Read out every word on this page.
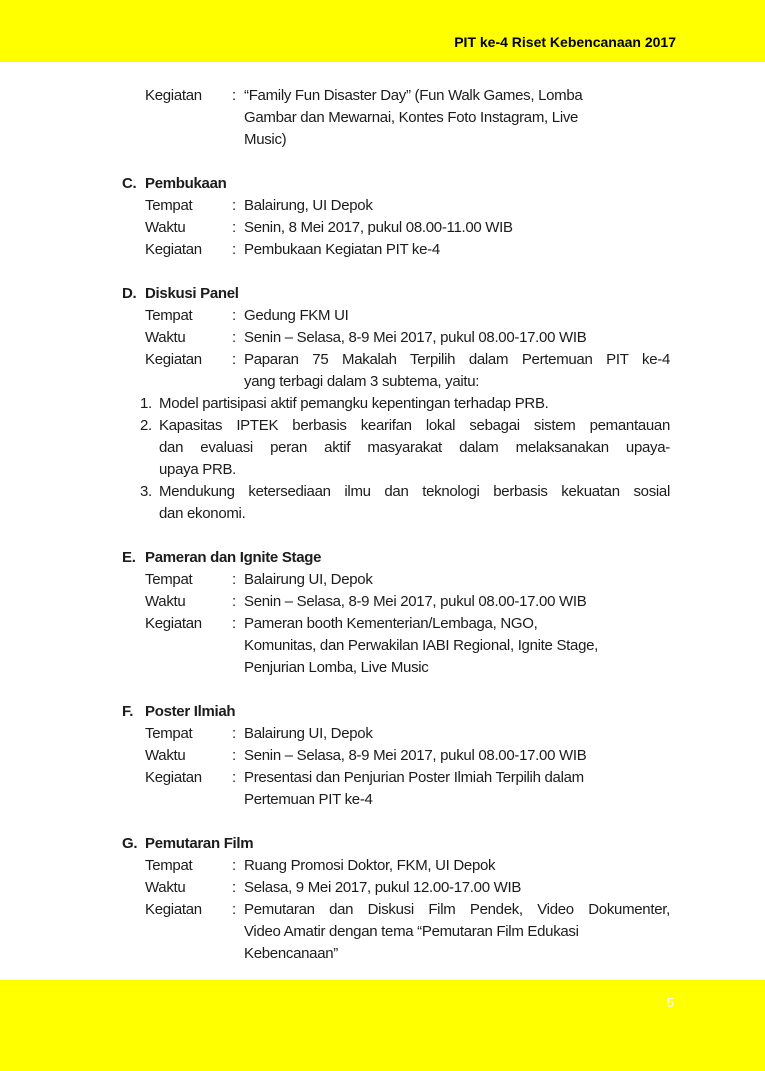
PIT ke-4 Riset Kebencanaan 2017
Kegiatan	: “Family Fun Disaster Day” (Fun Walk Games, Lomba
Gambar dan Mewarnai, Kontes Foto Instagram, Live
Music)
C. Pembukaan
Tempat	: Balairung, UI Depok
Waktu	: Senin, 8 Mei 2017, pukul 08.00-11.00 WIB
Kegiatan	: Pembukaan Kegiatan PIT ke-4
D. Diskusi Panel
Tempat	: Gedung FKM UI
Waktu	: Senin – Selasa, 8-9 Mei 2017, pukul 08.00-17.00 WIB
Kegiatan	: Paparan 75 Makalah Terpilih dalam Pertemuan PIT ke-4
yang terbagi dalam 3 subtema, yaitu:
1. Model partisipasi aktif pemangku kepentingan terhadap PRB.
2. Kapasitas IPTEK berbasis kearifan lokal sebagai sistem pemantauan
dan evaluasi peran aktif masyarakat dalam melaksanakan upaya-
upaya PRB.
3. Mendukung ketersediaan ilmu dan teknologi berbasis kekuatan sosial
dan ekonomi.
E. Pameran dan Ignite Stage
Tempat	: Balairung UI, Depok
Waktu	: Senin – Selasa, 8-9 Mei 2017, pukul 08.00-17.00 WIB
Kegiatan	: Pameran booth Kementerian/Lembaga, NGO,
Komunitas, dan Perwakilan IABI Regional, Ignite Stage,
Penjurian Lomba, Live Music
F. Poster Ilmiah
Tempat	: Balairung UI, Depok
Waktu	: Senin – Selasa, 8-9 Mei 2017, pukul 08.00-17.00 WIB
Kegiatan	: Presentasi dan Penjurian Poster Ilmiah Terpilih dalam
Pertemuan PIT ke-4
G. Pemutaran Film
Tempat	: Ruang Promosi Doktor, FKM, UI Depok
Waktu	: Selasa, 9 Mei 2017, pukul 12.00-17.00 WIB
Kegiatan	: Pemutaran dan Diskusi Film Pendek, Video Dokumenter,
Video Amatir dengan tema “Pemutaran Film Edukasi
Kebencanaan”
5
